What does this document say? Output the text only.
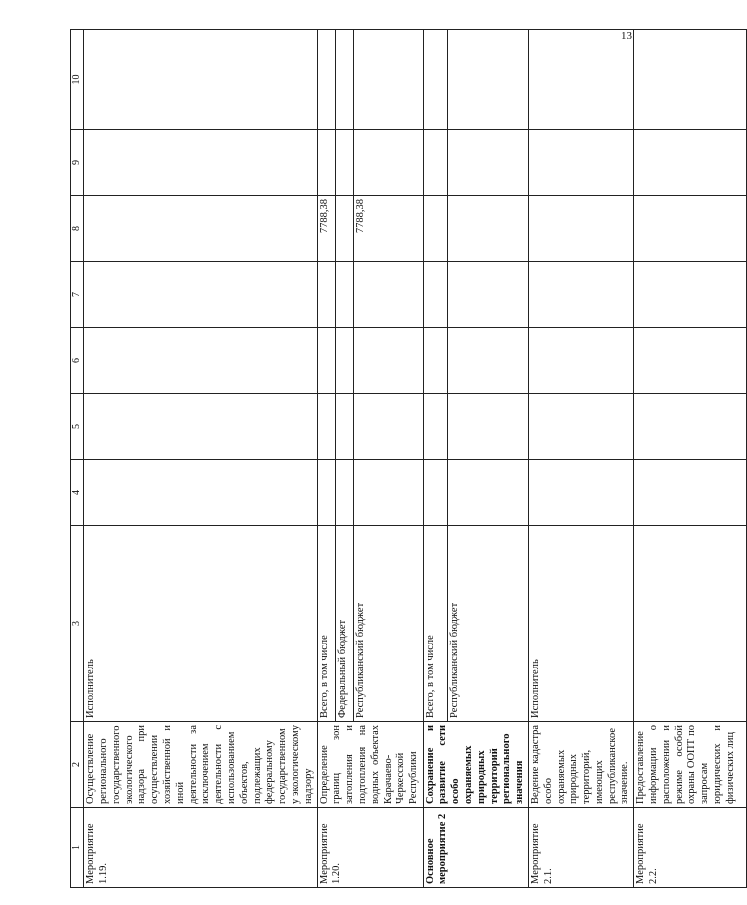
13
1	2	3	4	5	6	7	8	9	10
Мероприятие 1.19.	Осуществление регионального государственного экологического надзора при осуществлении хозяйственной и иной деятельности за исключением деятельности с использованием объектов, подлежащих федеральному государственному экологическому надзору	Исполнитель							
Мероприятие 1.20.	Определение границ зон затопления и подтопления на водных объектах Карачаево-Черкесской Республики	Всего, в том числе					7788,38		
		Федеральный бюджет							
		Республиканский бюджет					7788,38		
Основное мероприятие 2	Сохранение и развитие сети особо охраняемых природных территорий регионального значения	Всего, в том числе							
		Республиканский бюджет							
Мероприятие 2.1.	Ведение кадастра особо охраняемых природных территорий, имеющих республиканское значение.	Исполнитель							
Мероприятие 2.2.	Предоставление информации о расположении и режиме особой охраны ООПТ по запросам юридических и физических лиц								
